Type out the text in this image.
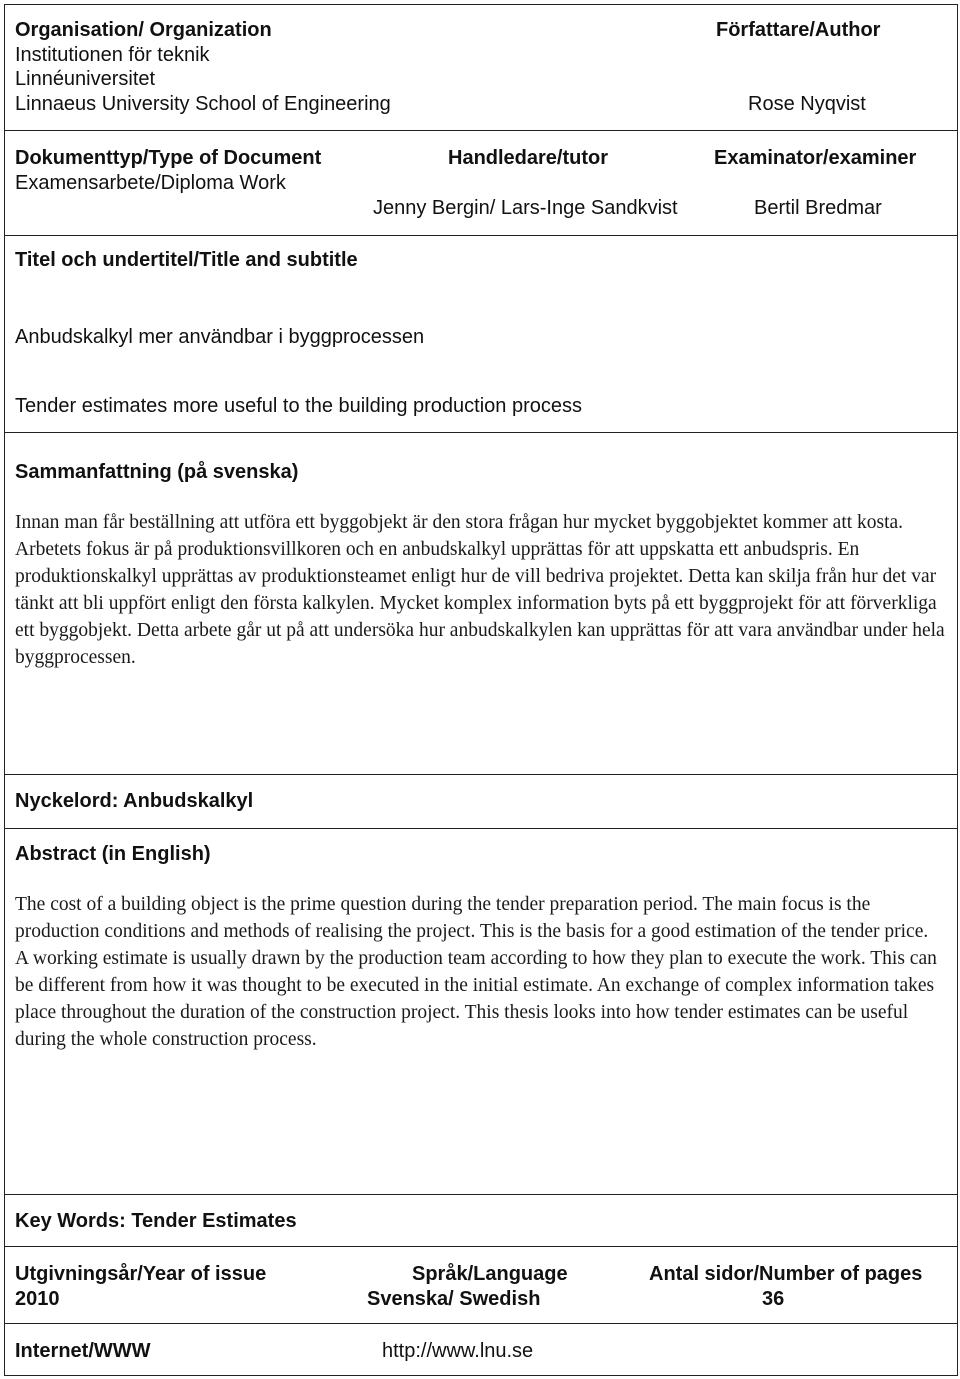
Organisation/ Organization
Institutionen för teknik
Linnéuniversitet
Linnaeus University School of Engineering
Författare/Author
Rose Nyqvist
Dokumenttyp/Type of Document
Examensarbete/Diploma Work
Handledare/tutor
Jenny Bergin/ Lars-Inge Sandkvist
Examinator/examiner
Bertil Bredmar
Titel och undertitel/Title and subtitle
Anbudskalkyl mer användbar i byggprocessen
Tender estimates more useful to the building production process
Sammanfattning (på svenska)
Innan man får beställning att utföra ett byggobjekt är den stora frågan hur mycket byggobjektet kommer att kosta. Arbetets fokus är på produktionsvillkoren och en anbudskalkyl upprättas för att uppskatta ett anbudspris. En produktionskalkyl upprättas av produktionsteamet enligt hur de vill bedriva projektet. Detta kan skilja från hur det var tänkt att bli uppfört enligt den första kalkylen. Mycket komplex information byts på ett byggprojekt för att förverkliga ett byggobjekt. Detta arbete går ut på att undersöka hur anbudskalkylen kan upprättas för att vara användbar under hela byggprocessen.
Nyckelord: Anbudskalkyl
Abstract (in English)
The cost of a building object is the prime question during the tender preparation period. The main focus is the production conditions and methods of realising the project. This is the basis for a good estimation of the tender price. A working estimate is usually drawn by the production team according to how they plan to execute the work. This can be different from how it was thought to be executed in the initial estimate. An exchange of complex information takes place throughout the duration of the construction project. This thesis looks into how tender estimates can be useful during the whole construction process.
Key Words: Tender Estimates
Utgivningsår/Year of issue
2010
Språk/Language
Svenska/ Swedish
Antal sidor/Number of pages
36
Internet/WWW	http://www.lnu.se
